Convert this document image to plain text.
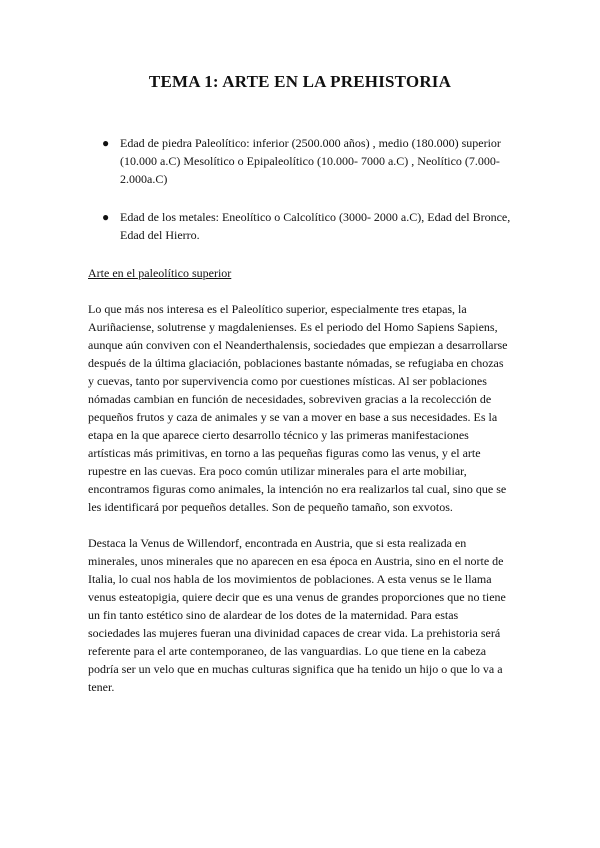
TEMA 1: ARTE EN LA PREHISTORIA
● Edad de piedra Paleolítico: inferior (2500.000 años) , medio (180.000) superior (10.000 a.C) Mesolítico o Epipaleolítico (10.000- 7000 a.C) , Neolítico (7.000-2.000a.C)
● Edad de los metales: Eneolítico o Calcolítico (3000- 2000 a.C), Edad del Bronce, Edad del Hierro.

Arte en el paleolítico superior

Lo que más nos interesa es el Paleolítico superior, especialmente tres etapas, la Auriñaciense, solutrense y magdalenienses. Es el periodo del Homo Sapiens Sapiens, aunque aún conviven con el Neanderthalensis, sociedades que empiezan a desarrollarse después de la última glaciación, poblaciones bastante nómadas, se refugiaba en chozas y cuevas, tanto por supervivencia como por cuestiones místicas. Al ser poblaciones nómadas cambian en función de necesidades, sobreviven gracias a la recolección de pequeños frutos y caza de animales y se van a mover en base a sus necesidades. Es la etapa en la que aparece cierto desarrollo técnico y las primeras manifestaciones artísticas más primitivas, en torno a las pequeñas figuras como las venus, y el arte rupestre en las cuevas. Era poco común utilizar minerales para el arte mobiliar, encontramos figuras como animales, la intención no era realizarlos tal cual, sino que se les identificará por pequeños detalles. Son de pequeño tamaño, son exvotos.

Destaca la Venus de Willendorf, encontrada en Austria, que si esta realizada en minerales, unos minerales que no aparecen en esa época en Austria, sino en el norte de Italia, lo cual nos habla de los movimientos de poblaciones. A esta venus se le llama venus esteatopigia, quiere decir que es una venus de grandes proporciones que no tiene un fin tanto estético sino de alardear de los dotes de la maternidad. Para estas sociedades las mujeres fueran una divinidad capaces de crear vida. La prehistoria será referente para el arte contemporaneo, de las vanguardias. Lo que tiene en la cabeza podría ser un velo que en muchas culturas significa que ha tenido un hijo o que lo va a tener.
